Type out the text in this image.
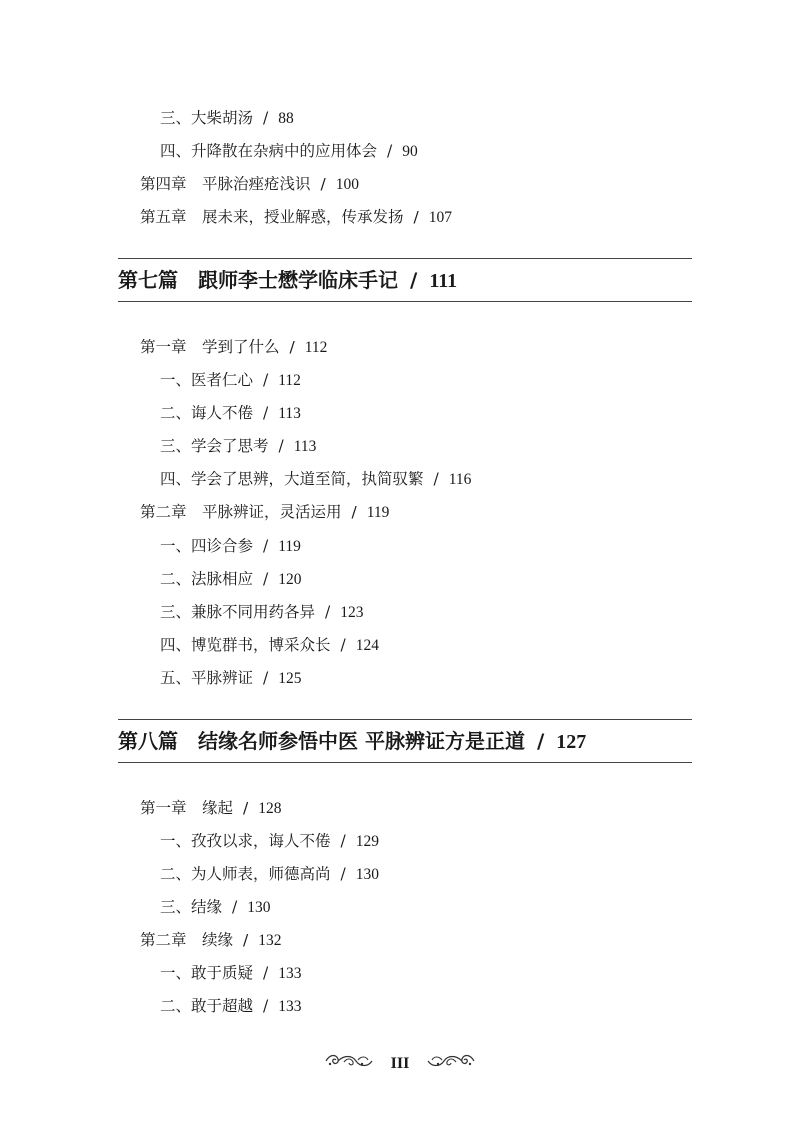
三、大柴胡汤 / 88
四、升降散在杂病中的应用体会 / 90
第四章　平脉治痤疮浅识 / 100
第五章　展未来，授业解惑，传承发扬 / 107
第七篇　跟师李士懋学临床手记 / 111
第一章　学到了什么 / 112
一、医者仁心 / 112
二、诲人不倦 / 113
三、学会了思考 / 113
四、学会了思辨，大道至简，执简驭繁 / 116
第二章　平脉辨证，灵活运用 / 119
一、四诊合参 / 119
二、法脉相应 / 120
三、兼脉不同用药各异 / 123
四、博览群书，博采众长 / 124
五、平脉辨证 / 125
第八篇　结缘名师参悟中医 平脉辨证方是正道 / 127
第一章　缘起 / 128
一、孜孜以求，诲人不倦 / 129
二、为人师表，师德高尚 / 130
三、结缘 / 130
第二章　续缘 / 132
一、敢于质疑 / 133
二、敢于超越 / 133
III
